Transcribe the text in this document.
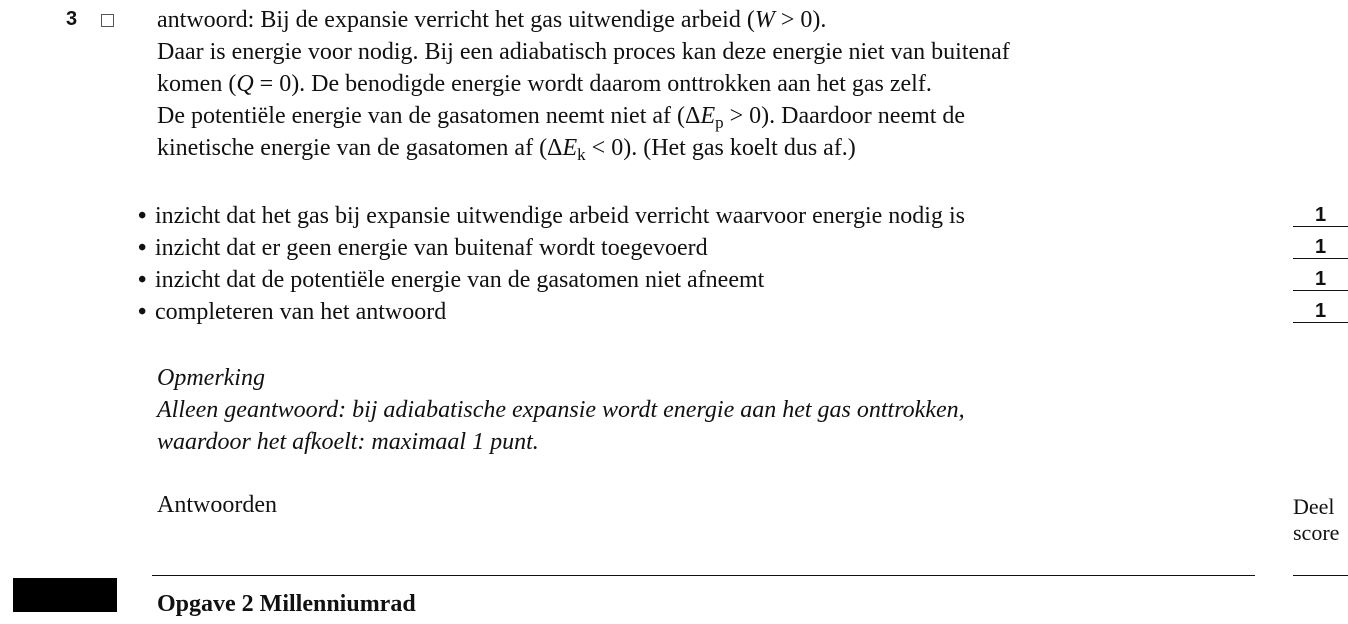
3	antwoord: Bij de expansie verricht het gas uitwendige arbeid (W > 0).
Daar is energie voor nodig. Bij een adiabatisch proces kan deze energie niet van buitenaf
komen (Q = 0). De benodigde energie wordt daarom onttrokken aan het gas zelf.
De potentiële energie van de gasatomen neemt niet af $(\Delta E_p > 0)$. Daardoor neemt de
kinetische energie van de gasatomen af $(\Delta E_k < 0)$. (Het gas koelt dus af.)
• inzicht dat het gas bij expansie uitwendige arbeid verricht waarvoor energie nodig is
• inzicht dat er geen energie van buitenaf wordt toegevoerd
• inzicht dat de potentiële energie van de gasatomen niet afneemt
• completeren van het antwoord
1
1
1
1
Opmerking
Alleen geantwoord: bij adiabatische expansie wordt energie aan het gas onttrokken,
waardoor het afkoelt: maximaal 1 punt.
Antwoorden	Deel
score
Opgave 2 Millenniumrad
